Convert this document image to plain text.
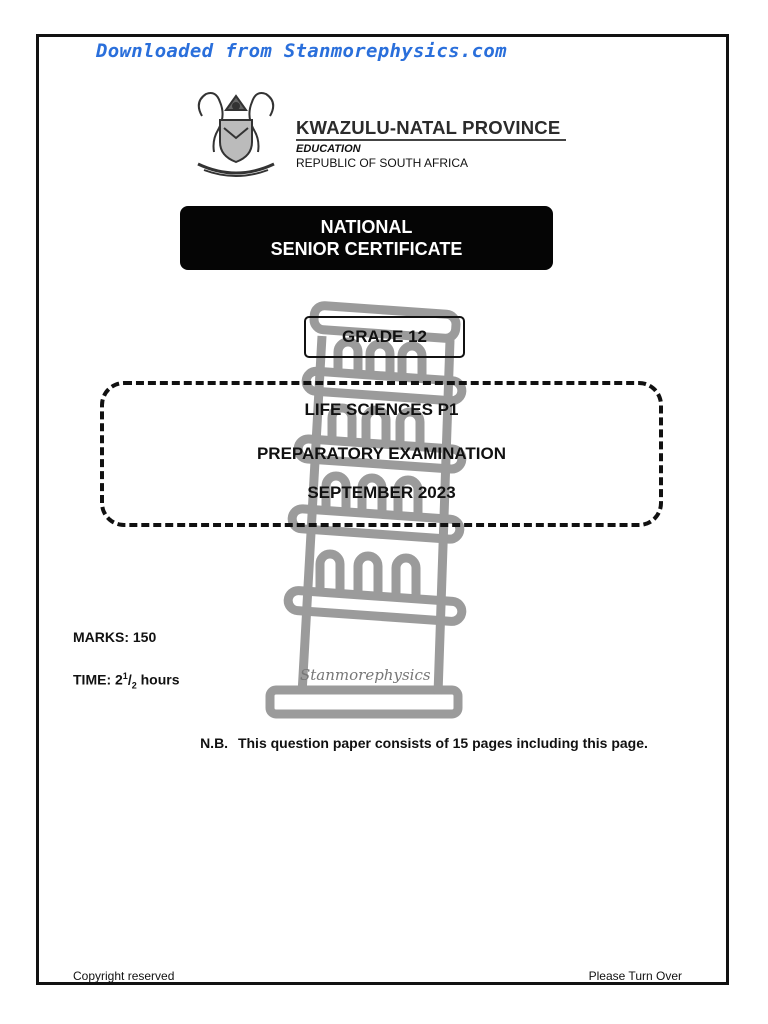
Downloaded from Stanmorephysics.com
KWAZULU-NATAL PROVINCE
EDUCATION
REPUBLIC OF SOUTH AFRICA
NATIONAL
SENIOR CERTIFICATE
GRADE 12
LIFE SCIENCES P1
PREPARATORY EXAMINATION
SEPTEMBER 2023
MARKS: 150
TIME: $2^1/_2$ hours	Stanmorephysics
N.B. This question paper consists of 15 pages including this page.
Copyright reserved	Please Turn Over
